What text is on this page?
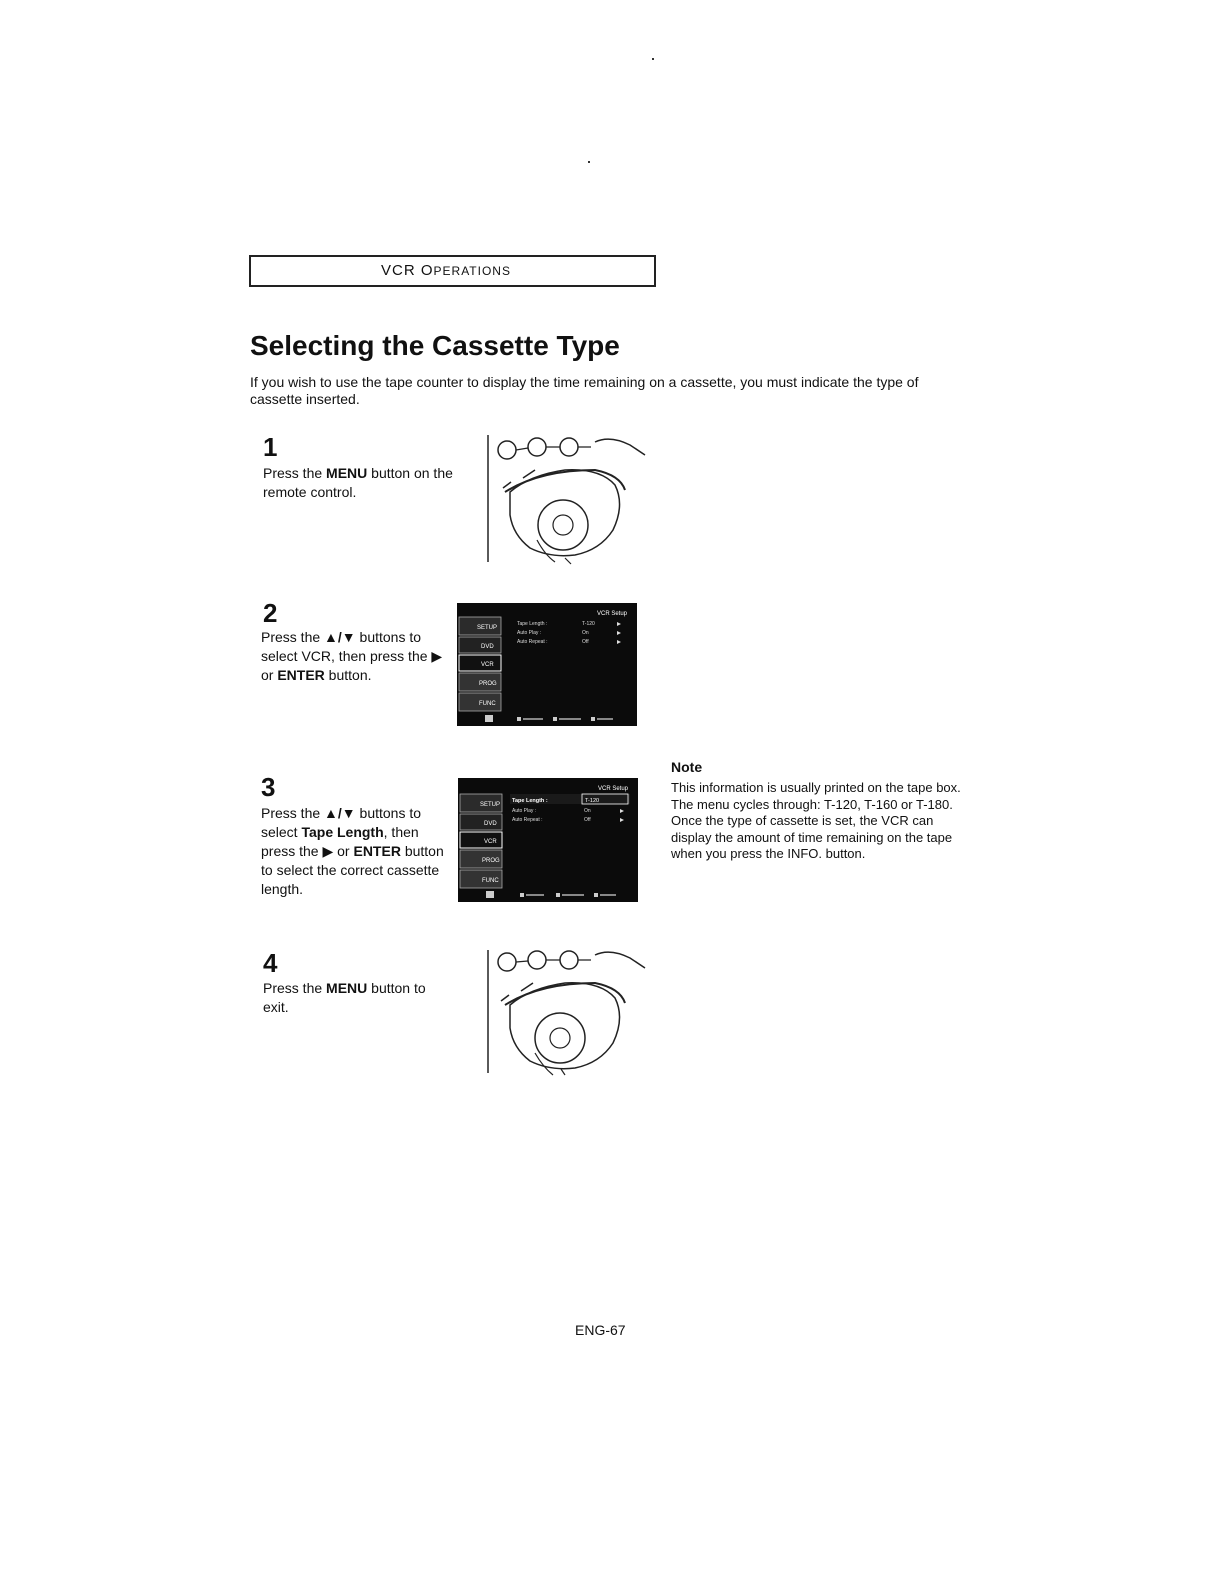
VCR OPERATIONS
Selecting the Cassette Type

If you wish to use the tape counter to display the time remaining on a cassette, you must indicate the type of cassette inserted.

1
Press the MENU button on the remote control.
2
Press the ▲/▼ buttons to select VCR, then press the ▶ or ENTER button.
VCR Setup
SETUP
DVD
VCR
PROG
FUNC
Tape Length :	T-120
Auto Play :	On
Auto Repeat :	Off
3
Press the ▲/▼ buttons to select Tape Length, then press the ▶ or ENTER button to select the correct cassette length.
VCR Setup
SETUP
DVD
VCR
PROG
FUNC
Tape Length :	T-120
Auto Play :	On
Auto Repeat :	Off
4
Press the MENU button to exit.
Note
This information is usually printed on the tape box. The menu cycles through: T-120, T-160 or T-180. Once the type of cassette is set, the VCR can display the amount of time remaining on the tape when you press the INFO. button.
ENG-67
